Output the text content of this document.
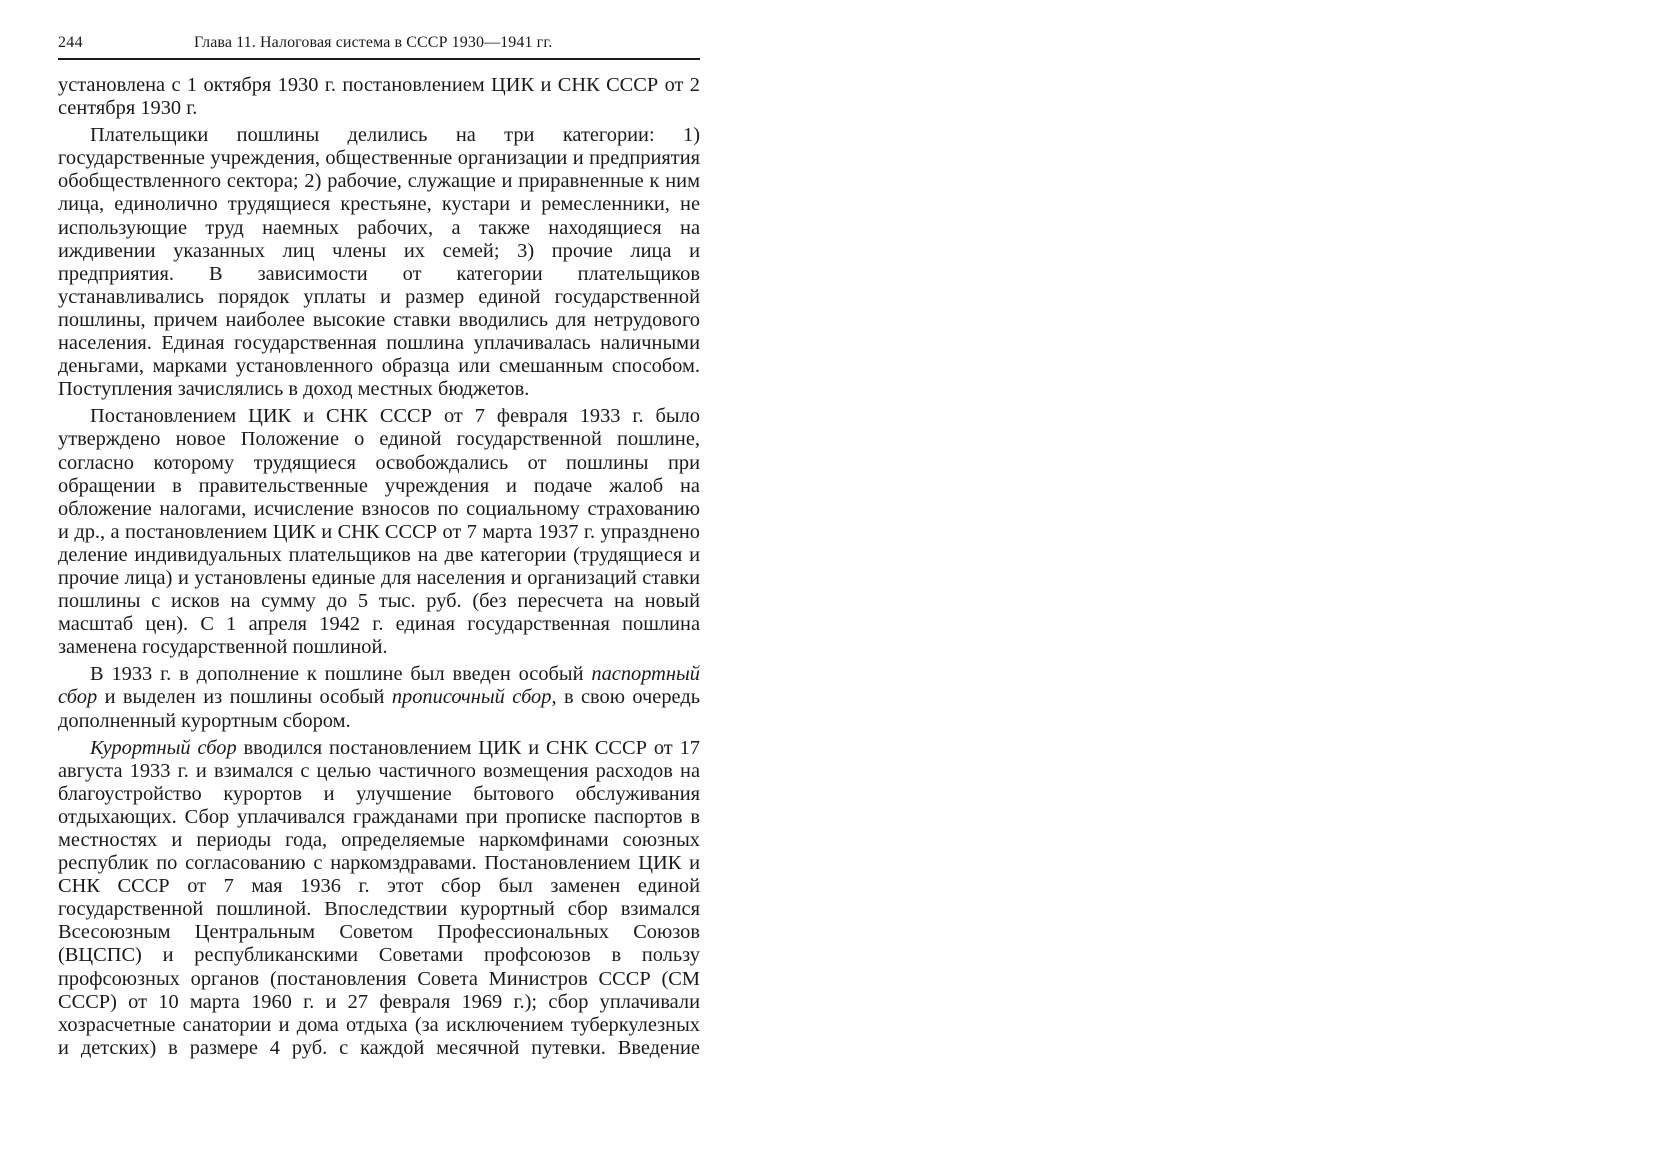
244	Глава 11. Налоговая система в СССР 1930—1941 гг.

установлена с 1 октября 1930 г. постановлением ЦИК и СНК СССР от 2 сентября 1930 г.

Плательщики пошлины делились на три категории: 1) государственные учреждения, общественные организации и предприятия обобществленного сектора; 2) рабочие, служащие и приравненные к ним лица, единолично трудящиеся крестьяне, кустари и ремесленники, не использующие труд наемных рабочих, а также находящиеся на иждивении указанных лиц члены их семей; 3) прочие лица и предприятия. В зависимости от категории плательщиков устанавливались порядок уплаты и размер единой государственной пошлины, причем наиболее высокие ставки вводились для нетрудового населения. Единая государственная пошлина уплачивалась наличными деньгами, марками установленного образца или смешанным способом. Поступления зачислялись в доход местных бюджетов.

Постановлением ЦИК и СНК СССР от 7 февраля 1933 г. было утверждено новое Положение о единой государственной пошлине, согласно которому трудящиеся освобождались от пошлины при обращении в правительственные учреждения и подаче жалоб на обложение налогами, исчисление взносов по социальному страхованию и др., а постановлением ЦИК и СНК СССР от 7 марта 1937 г. упразднено деление индивидуальных плательщиков на две категории (трудящиеся и прочие лица) и установлены единые для населения и организаций ставки пошлины с исков на сумму до 5 тыс. руб. (без пересчета на новый масштаб цен). С 1 апреля 1942 г. единая государственная пошлина заменена государственной пошлиной.

В 1933 г. в дополнение к пошлине был введен особый паспортный сбор и выделен из пошлины особый прописочный сбор, в свою очередь дополненный курортным сбором.

Курортный сбор вводился постановлением ЦИК и СНК СССР от 17 августа 1933 г. и взимался с целью частичного возмещения расходов на благоустройство курортов и улучшение бытового обслуживания отдыхающих. Сбор уплачивался гражданами при прописке паспортов в местностях и периоды года, определяемые наркомфинами союзных республик по согласованию с наркомздравами. Постановлением ЦИК и СНК СССР от 7 мая 1936 г. этот сбор был заменен единой государственной пошлиной. Впоследствии курортный сбор взимался Всесоюзным Центральным Советом Профессиональных Союзов (ВЦСПС) и республиканскими Советами профсоюзов в пользу профсоюзных органов (постановления Совета Министров СССР (СМ СССР) от 10 марта 1960 г. и 27 февраля 1969 г.); сбор уплачивали хозрасчетные санатории и дома отдыха (за исключением туберкулезных и детских) в размере 4 руб. с каждой месячной путевки. Введение
